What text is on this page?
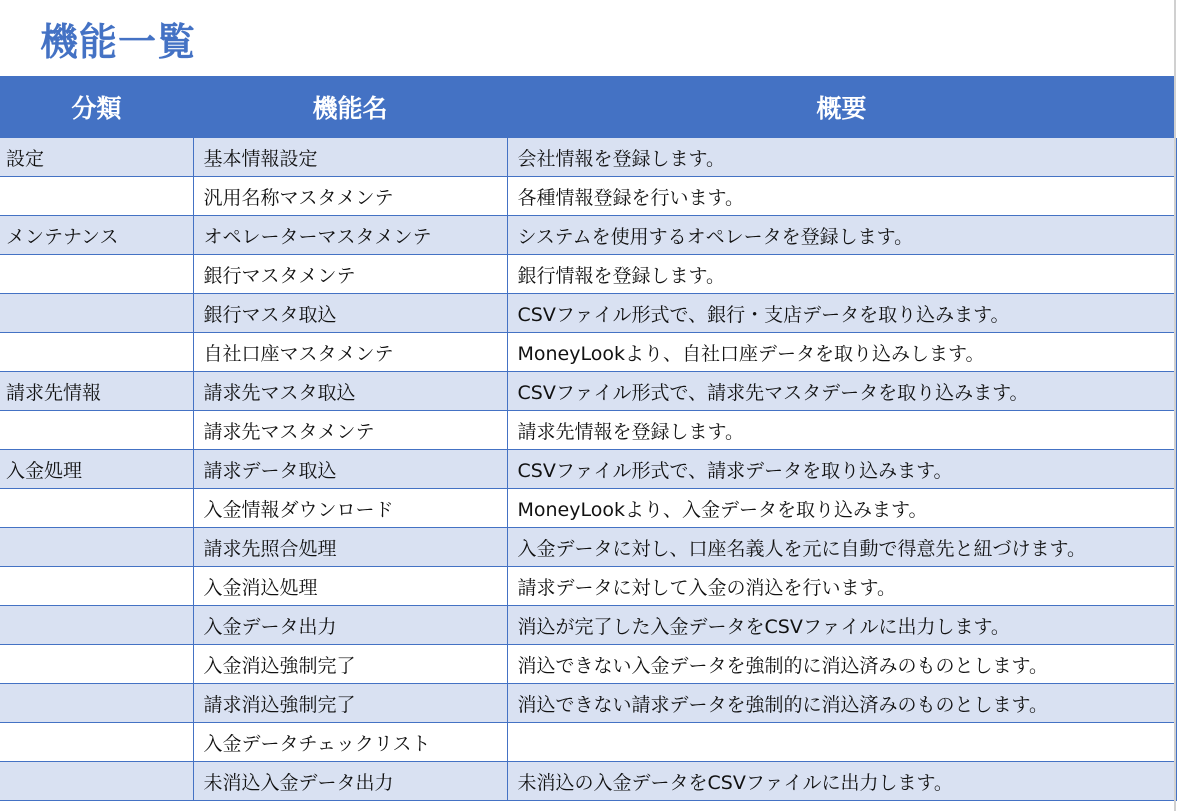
機能一覧
分類	機能名	概要
設定	基本情報設定	会社情報を登録します。
	汎用名称マスタメンテ	各種情報登録を行います。
メンテナンス	オペレーターマスタメンテ	システムを使用するオペレータを登録します。
	銀行マスタメンテ	銀行情報を登録します。
	銀行マスタ取込	CSVファイル形式で、銀行・支店データを取り込みます。
	自社口座マスタメンテ	MoneyLookより、自社口座データを取り込みします。
請求先情報	請求先マスタ取込	CSVファイル形式で、請求先マスタデータを取り込みます。
	請求先マスタメンテ	請求先情報を登録します。
入金処理	請求データ取込	CSVファイル形式で、請求データを取り込みます。
	入金情報ダウンロード	MoneyLookより、入金データを取り込みます。
	請求先照合処理	入金データに対し、口座名義人を元に自動で得意先と紐づけます。
	入金消込処理	請求データに対して入金の消込を行います。
	入金データ出力	消込が完了した入金データをCSVファイルに出力します。
	入金消込強制完了	消込できない入金データを強制的に消込済みのものとします。
	請求消込強制完了	消込できない請求データを強制的に消込済みのものとします。
	入金データチェックリスト	
	未消込入金データ出力	未消込の入金データをCSVファイルに出力します。
